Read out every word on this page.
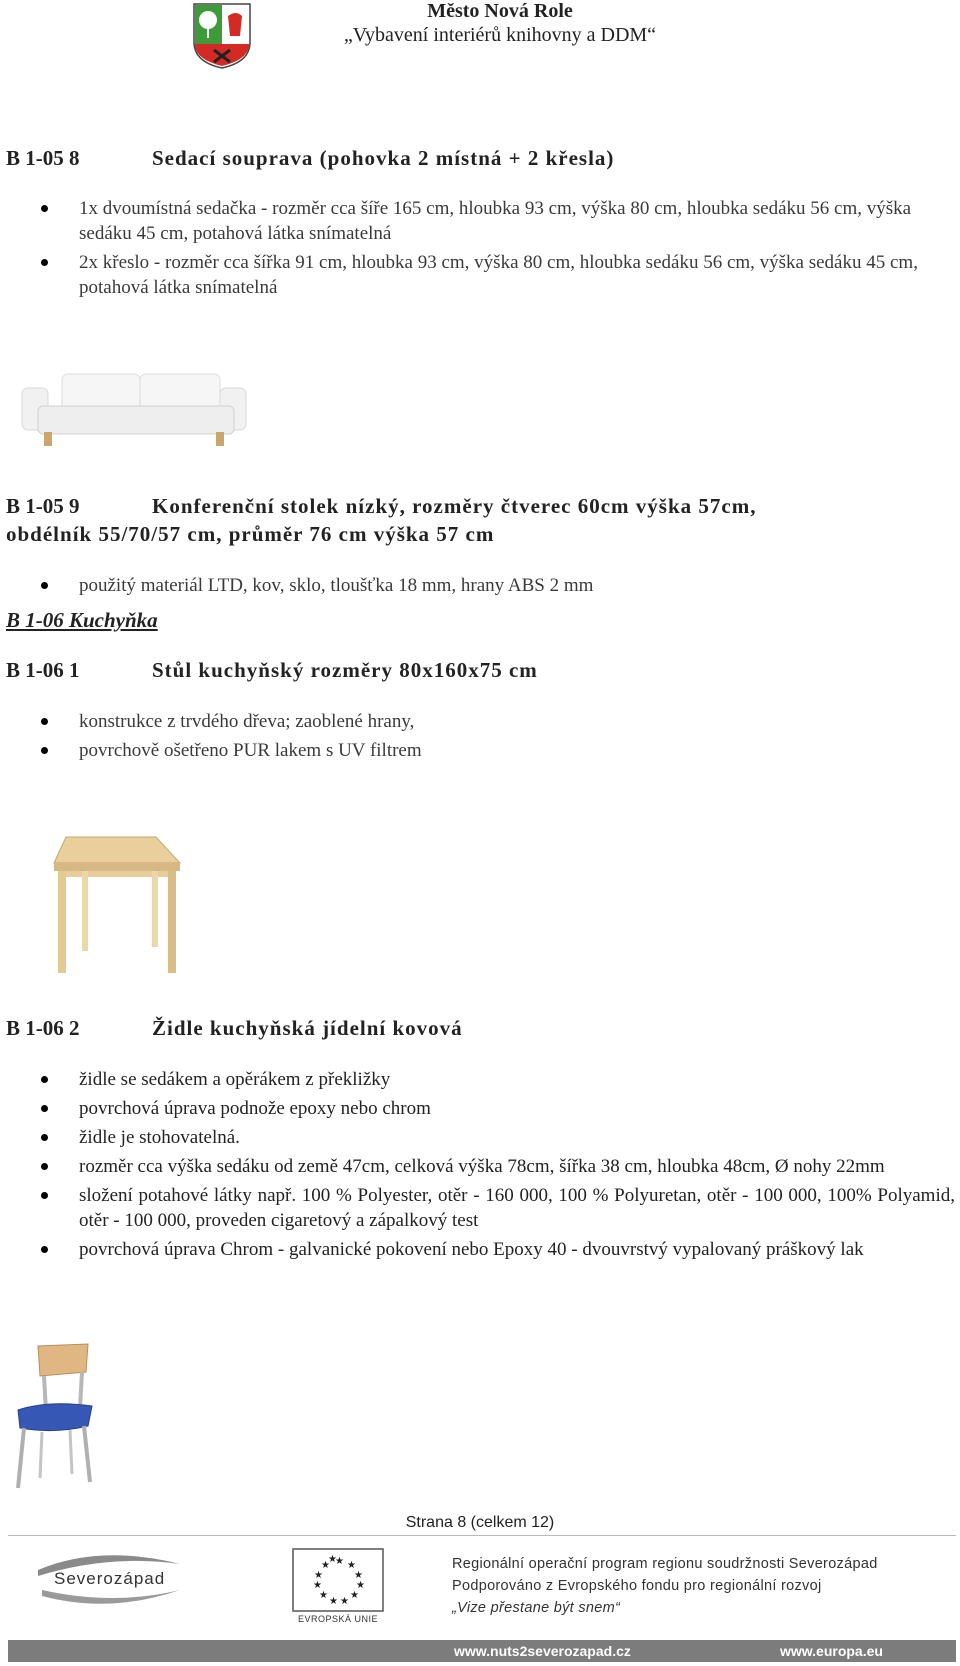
Město Nová Role
„Vybavení interiérů knihovny a DDM“
B 1-05 8	Sedací souprava (pohovka 2 místná + 2 křesla)
1x dvoumístná sedačka - rozměr cca šíře 165 cm, hloubka 93 cm, výška 80 cm, hloubka sedáku 56 cm, výška sedáku 45 cm, potahová látka snímatelná
2x křeslo - rozměr cca šířka 91 cm, hloubka 93 cm, výška 80 cm, hloubka sedáku 56 cm, výška sedáku 45 cm, potahová látka snímatelná
B 1-05 9	Konferenční stolek nízký, rozměry čtverec 60cm výška 57cm,
obdélník 55/70/57 cm, průměr 76 cm výška 57 cm
použitý materiál LTD, kov, sklo, tloušťka 18 mm, hrany ABS 2 mm
B 1-06 Kuchyňka
B 1-06 1	Stůl kuchyňský rozměry 80x160x75 cm
konstrukce z trvdého dřeva; zaoblené hrany,
povrchově ošetřeno PUR lakem s UV filtrem
B 1-06 2	Židle kuchyňská jídelní kovová
židle se sedákem a opěrákem z překližky
povrchová úprava podnože epoxy nebo chrom
židle je stohovatelná.
rozměr cca výška sedáku od země 47cm, celková výška 78cm, šířka 38 cm, hloubka 48cm, Ø nohy 22mm
složení potahové látky např. 100 % Polyester, otěr - 160 000, 100 % Polyuretan, otěr - 100 000, 100% Polyamid, otěr - 100 000, proveden cigaretový a zápalkový test
povrchová úprava Chrom - galvanické pokovení nebo Epoxy 40 - dvouvrstvý vypalovaný práškový lak
Strana 8 (celkem 12)
Severozápad
★ ★
★
★
★
★
★
★
★
★
★
★
EVROPSKÁ UNIE
Regionální operační program regionu soudržnosti Severozápad
Podporováno z Evropského fondu pro regionální rozvoj
„Vize přestane být snem“
www.nuts2severozapad.cz	www.europa.eu
